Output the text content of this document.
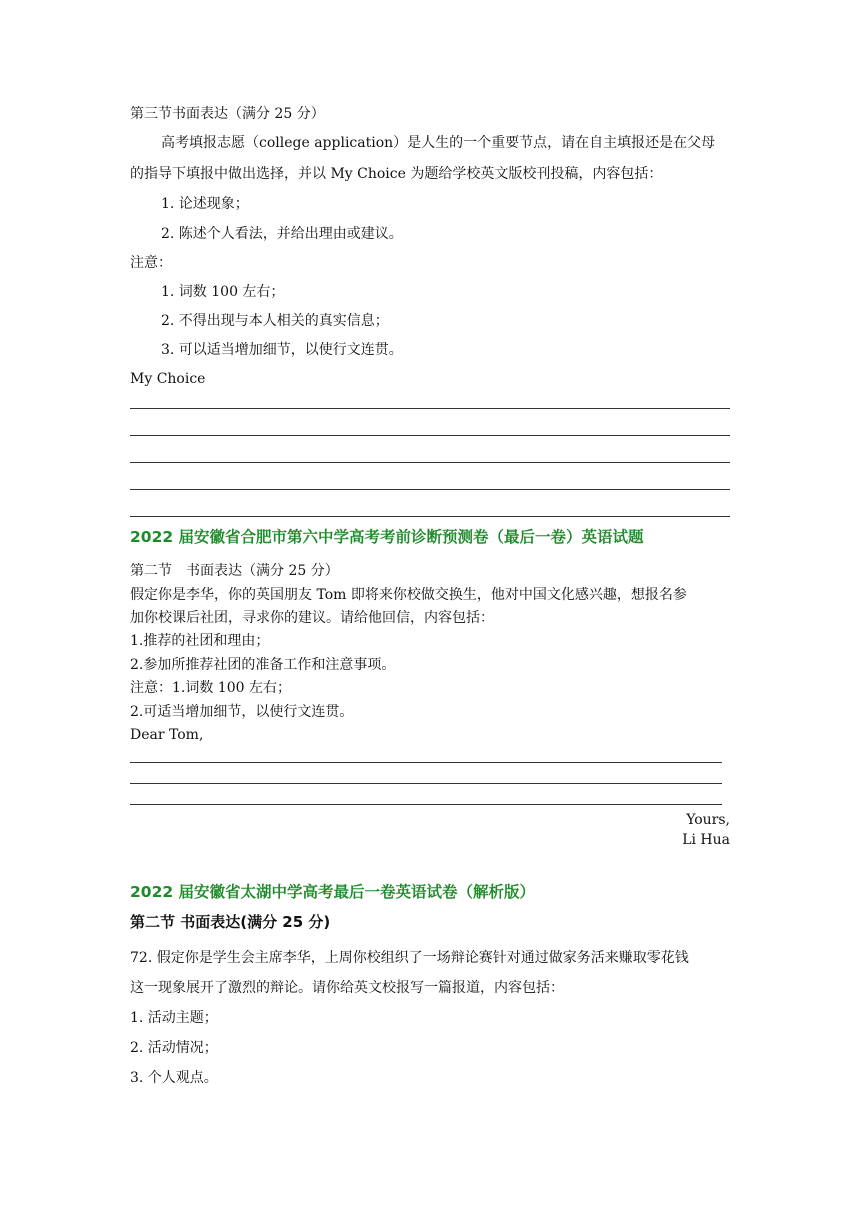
第三节书面表达（满分 25 分）
高考填报志愿（college application）是人生的一个重要节点，请在自主填报还是在父母
的指导下填报中做出选择，并以 My Choice 为题给学校英文版校刊投稿，内容包括：
1. 论述现象；
2. 陈述个人看法，并给出理由或建议。
注意：
1. 词数 100 左右；
2. 不得出现与本人相关的真实信息；
3. 可以适当增加细节，以使行文连贯。
My Choice
2022 届安徽省合肥市第六中学高考考前诊断预测卷（最后一卷）英语试题
第二节　书面表达（满分 25 分）
假定你是李华，你的英国朋友 Tom 即将来你校做交换生，他对中国文化感兴趣，想报名参
加你校课后社团，寻求你的建议。请给他回信，内容包括：
1.推荐的社团和理由；
2.参加所推荐社团的准备工作和注意事项。
注意：1.词数 100 左右；
2.可适当增加细节，以使行文连贯。
Dear Tom,
Yours,
Li Hua
2022 届安徽省太湖中学高考最后一卷英语试卷（解析版）
第二节 书面表达(满分 25 分)
72. 假定你是学生会主席李华，上周你校组织了一场辩论赛针对通过做家务活来赚取零花钱
这一现象展开了激烈的辩论。请你给英文校报写一篇报道，内容包括：
1. 活动主题；
2. 活动情况；
3. 个人观点。
